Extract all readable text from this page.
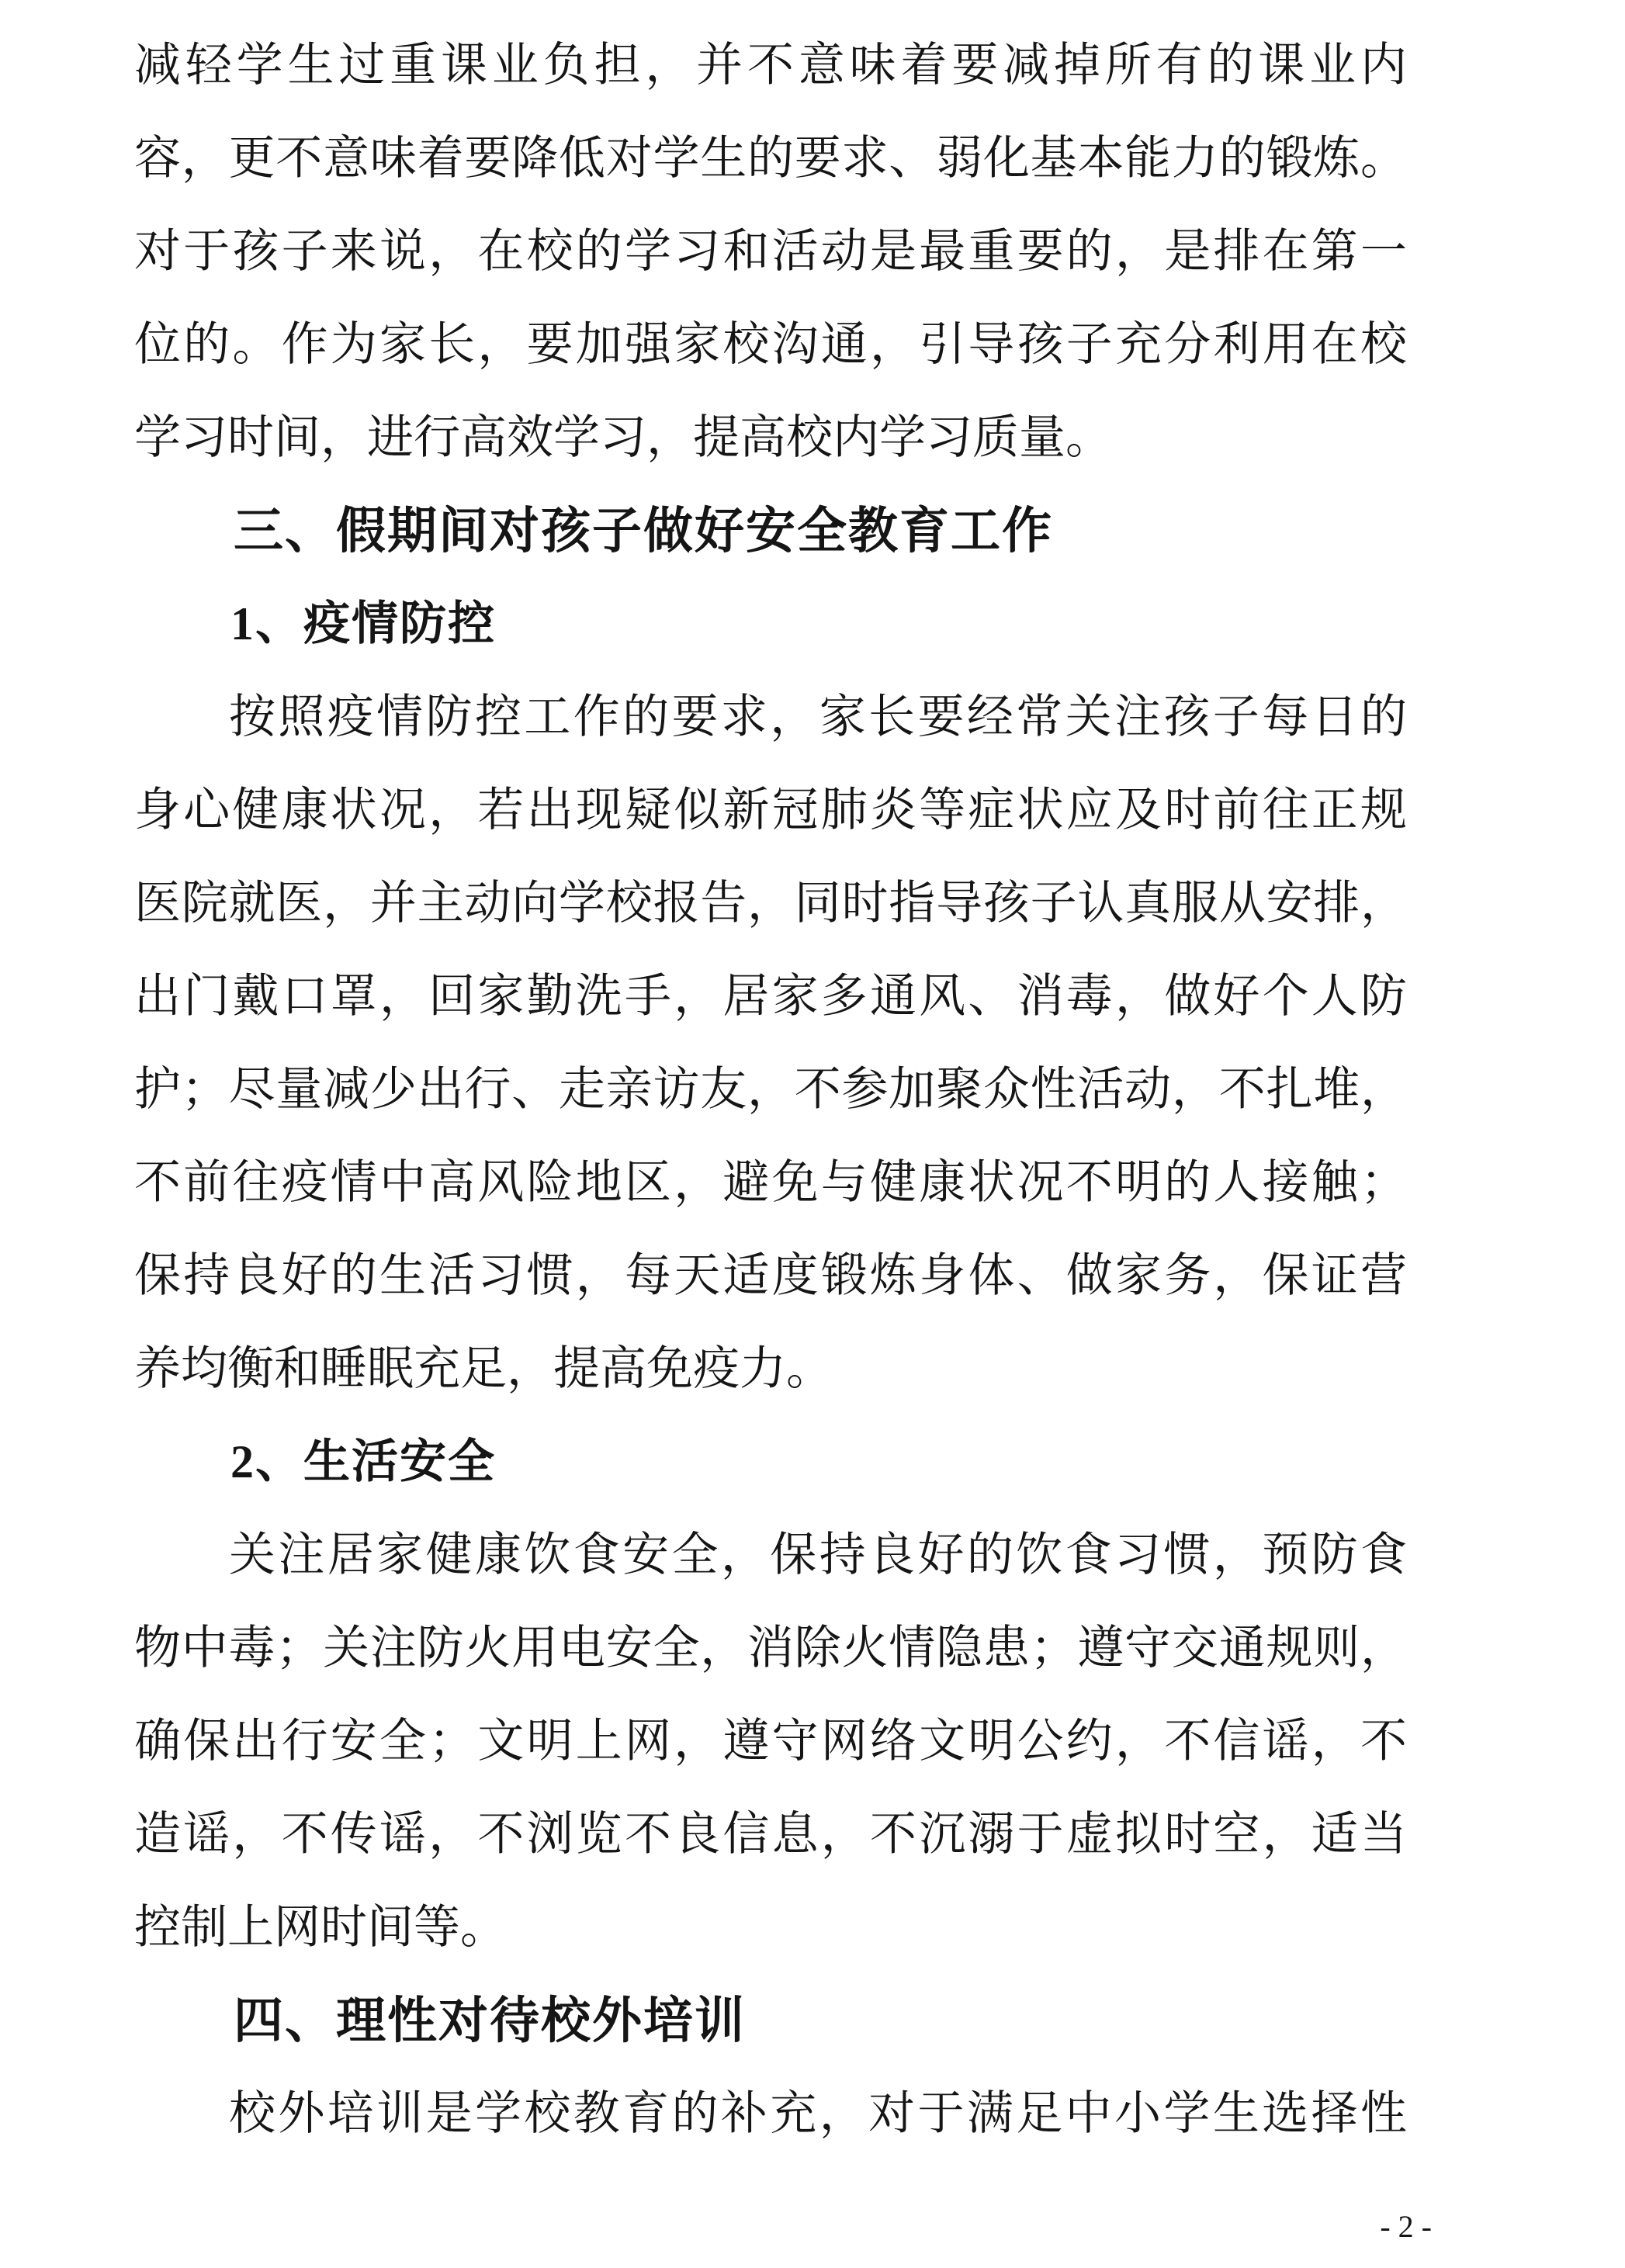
减轻学生过重课业负担，并不意味着要减掉所有的课业内

容，更不意味着要降低对学生的要求、弱化基本能力的锻炼。

对于孩子来说，在校的学习和活动是最重要的，是排在第一

位的。作为家长，要加强家校沟通，引导孩子充分利用在校

学习时间，进行高效学习，提高校内学习质量。

三、假期间对孩子做好安全教育工作

1、疫情防控

按照疫情防控工作的要求，家长要经常关注孩子每日的

身心健康状况，若出现疑似新冠肺炎等症状应及时前往正规

医院就医，并主动向学校报告，同时指导孩子认真服从安排，

出门戴口罩，回家勤洗手，居家多通风、消毒，做好个人防

护；尽量减少出行、走亲访友，不参加聚众性活动，不扎堆，

不前往疫情中高风险地区，避免与健康状况不明的人接触；

保持良好的生活习惯，每天适度锻炼身体、做家务，保证营

养均衡和睡眠充足，提高免疫力。

2、生活安全

关注居家健康饮食安全，保持良好的饮食习惯，预防食

物中毒；关注防火用电安全，消除火情隐患；遵守交通规则，

确保出行安全；文明上网，遵守网络文明公约，不信谣，不

造谣，不传谣，不浏览不良信息，不沉溺于虚拟时空，适当

控制上网时间等。

四、理性对待校外培训

校外培训是学校教育的补充，对于满足中小学生选择性

- 2 -
